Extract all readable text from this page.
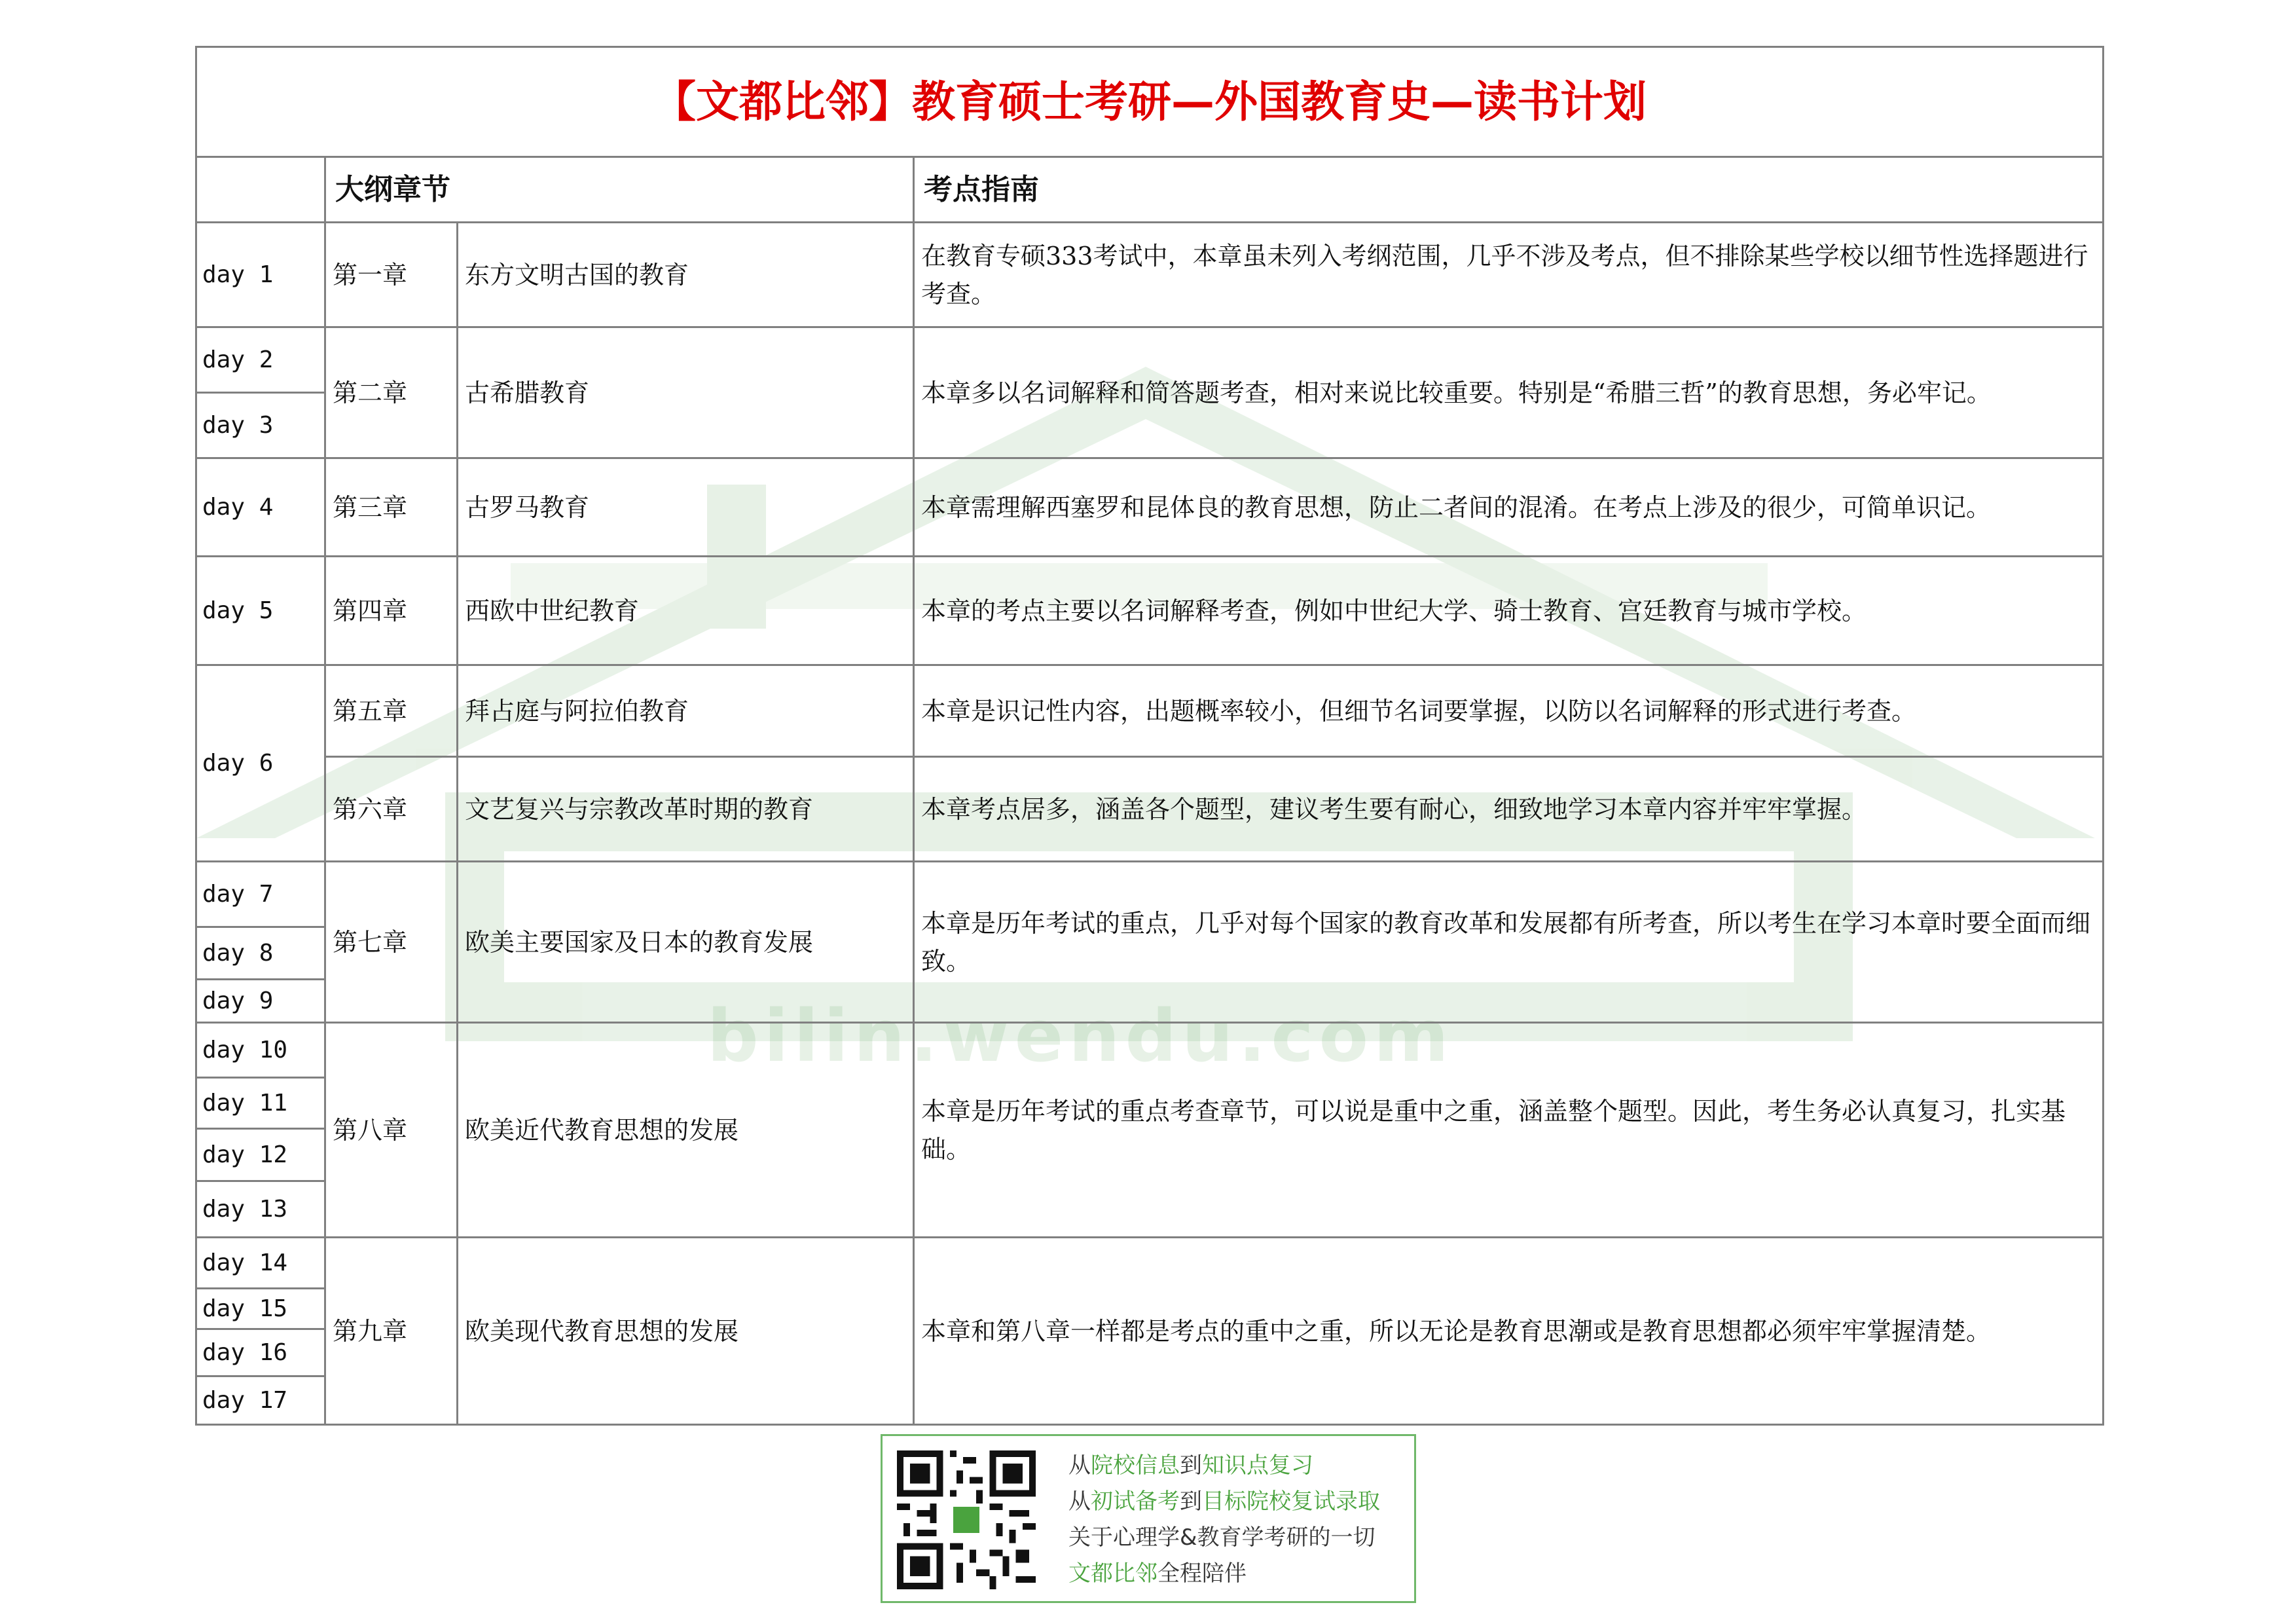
bilin.wendu.com
【文都比邻】教育硕士考研—外国教育史—读书计划			
	大纲章节		考点指南
day 1	第一章	东方文明古国的教育	在教育专硕333考试中，本章虽未列入考纲范围，几乎不涉及考点，但不排除某些学校以细节性选择题进行考查。
day 2	第二章	古希腊教育	本章多以名词解释和简答题考查，相对来说比较重要。特别是“希腊三哲”的教育思想，务必牢记。
day 3			
day 4	第三章	古罗马教育	本章需理解西塞罗和昆体良的教育思想，防止二者间的混淆。在考点上涉及的很少，可简单识记。
day 5	第四章	西欧中世纪教育	本章的考点主要以名词解释考查，例如中世纪大学、骑士教育、宫廷教育与城市学校。
day 6	第五章	拜占庭与阿拉伯教育	本章是识记性内容，出题概率较小，但细节名词要掌握，以防以名词解释的形式进行考查。
	第六章	文艺复兴与宗教改革时期的教育	本章考点居多，涵盖各个题型，建议考生要有耐心，细致地学习本章内容并牢牢掌握。
day 7	第七章	欧美主要国家及日本的教育发展	本章是历年考试的重点，几乎对每个国家的教育改革和发展都有所考查，所以考生在学习本章时要全面而细致。
day 8			
day 9			
day 10	第八章	欧美近代教育思想的发展	本章是历年考试的重点考查章节，可以说是重中之重，涵盖整个题型。因此，考生务必认真复习，扎实基础。
day 11			
day 12			
day 13			
day 14	第九章	欧美现代教育思想的发展	本章和第八章一样都是考点的重中之重，所以无论是教育思潮或是教育思想都必须牢牢掌握清楚。
day 15			
day 16			
day 17			
从院校信息到知识点复习
从初试备考到目标院校复试录取
关于心理学&教育学考研的一切
文都比邻全程陪伴
